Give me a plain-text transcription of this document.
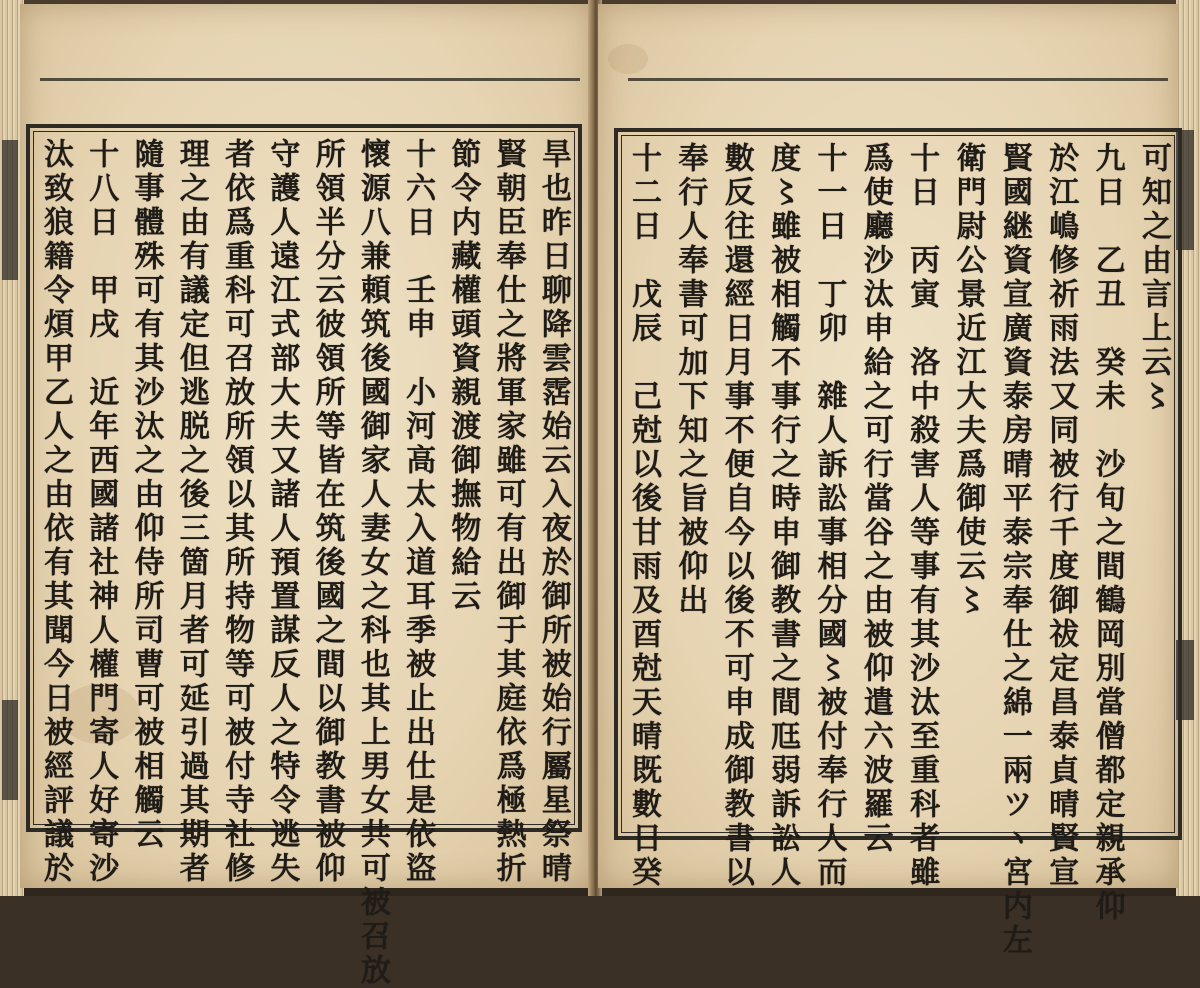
旱也昨日聊降雲霑始云入夜於御所被始行屬星祭晴
賢朝臣奉仕之將軍家雖可有出御于其庭依爲極熱折
節令内藏權頭資親渡御撫物給云
十六日　壬申　小河高太入道耳季被止出仕是依盜
懷源八兼頼筑後國御家人妻女之科也其上男女共可被召放
所領半分云彼領所等皆在筑後國之間以御教書被仰
守護人遠江式部大夫又諸人預置謀反人之特令逃失
者依爲重科可召放所領以其所持物等可被付寺社修
理之由有議定但逃脱之後三箇月者可延引過其期者
隨事體殊可有其沙汰之由仰侍所司曹可被相觸云
十八日　甲戌　近年西國諸社神人權門寄人好寄沙
汰致狼籍令煩甲乙人之由依有其聞今日被經評議於	可知之由言上云〻
九日　乙丑　癸未　沙旬之間鶴岡別當僧都定親承仰
於江嶋修祈雨法又同被行千度御祓定昌泰貞晴賢宣
賢國継資宣廣資泰房晴平泰宗奉仕之綿一兩ツヽ宮内左
衛門尉公景近江大夫爲御使云〻
十日　丙寅　洛中殺害人等事有其沙汰至重科者雖
爲使廳沙汰申給之可行當谷之由被仰遣六波羅云
十一日　丁卯　雜人訴訟事相分國〻被付奉行人而
度〻雖被相觸不事行之時申御教書之間尫弱訴訟人
數反往還經日月事不便自今以後不可申成御教書以
奉行人奉書可加下知之旨被仰出
十二日　戊辰　己尅以後甘雨及酉尅天晴既數日癸
